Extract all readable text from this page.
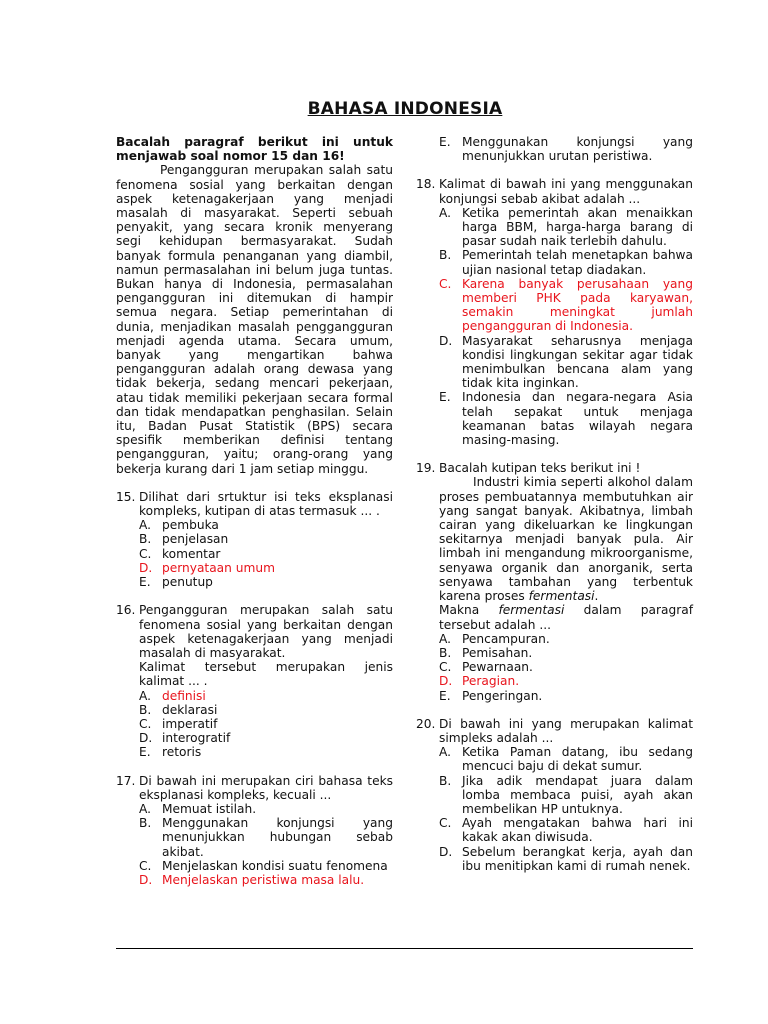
BAHASA INDONESIA
Bacalah paragraf berikut ini untuk menjawab soal nomor 15 dan 16!
Pengangguran merupakan salah satu fenomena sosial yang berkaitan dengan aspek ketenagakerjaan yang menjadi masalah di masyarakat. Seperti sebuah penyakit, yang secara kronik menyerang segi kehidupan bermasyarakat. Sudah banyak formula penanganan yang diambil, namun permasalahan ini belum juga tuntas. Bukan hanya di Indonesia, permasalahan pengangguran ini ditemukan di hampir semua negara. Setiap pemerintahan di dunia, menjadikan masalah penggangguran menjadi agenda utama. Secara umum, banyak yang mengartikan bahwa pengangguran adalah orang dewasa yang tidak bekerja, sedang mencari pekerjaan, atau tidak memiliki pekerjaan secara formal dan tidak mendapatkan penghasilan. Selain itu, Badan Pusat Statistik (BPS) secara spesifik memberikan definisi tentang pengangguran, yaitu; orang-orang yang bekerja kurang dari 1 jam setiap minggu.
15. Dilihat dari srtuktur isi teks eksplanasi kompleks, kutipan di atas termasuk ... .
A. pembuka
B. penjelasan
C. komentar
D. pernyataan umum
E. penutup
16. Pengangguran merupakan salah satu fenomena sosial yang berkaitan dengan aspek ketenagakerjaan yang menjadi masalah di masyarakat.
Kalimat tersebut merupakan jenis kalimat ... .
A. definisi
B. deklarasi
C. imperatif
D. interogratif
E. retoris
17. Di bawah ini merupakan ciri bahasa teks eksplanasi kompleks, kecuali ...
A. Memuat istilah.
B. Menggunakan konjungsi yang menunjukkan hubungan sebab akibat.
C. Menjelaskan kondisi suatu fenomena
D. Menjelaskan peristiwa masa lalu.
E. Menggunakan konjungsi yang menunjukkan urutan peristiwa.
18. Kalimat di bawah ini yang menggunakan konjungsi sebab akibat adalah ...
A. Ketika pemerintah akan menaikkan harga BBM, harga-harga barang di pasar sudah naik terlebih dahulu.
B. Pemerintah telah menetapkan bahwa ujian nasional tetap diadakan.
C. Karena banyak perusahaan yang memberi PHK pada karyawan, semakin meningkat jumlah pengangguran di Indonesia.
D. Masyarakat seharusnya menjaga kondisi lingkungan sekitar agar tidak menimbulkan bencana alam yang tidak kita inginkan.
E. Indonesia dan negara-negara Asia telah sepakat untuk menjaga keamanan batas wilayah negara masing-masing.
19. Bacalah kutipan teks berikut ini !
Industri kimia seperti alkohol dalam proses pembuatannya membutuhkan air yang sangat banyak. Akibatnya, limbah cairan yang dikeluarkan ke lingkungan sekitarnya menjadi banyak pula. Air limbah ini mengandung mikroorganisme, senyawa organik dan anorganik, serta senyawa tambahan yang terbentuk karena proses fermentasi.
Makna fermentasi dalam paragraf tersebut adalah ...
A. Pencampuran.
B. Pemisahan.
C. Pewarnaan.
D. Peragian.
E. Pengeringan.
20. Di bawah ini yang merupakan kalimat simpleks adalah ...
A. Ketika Paman datang, ibu sedang mencuci baju di dekat sumur.
B. Jika adik mendapat juara dalam lomba membaca puisi, ayah akan membelikan HP untuknya.
C. Ayah mengatakan bahwa hari ini kakak akan diwisuda.
D. Sebelum berangkat kerja, ayah dan ibu menitipkan kami di rumah nenek.
